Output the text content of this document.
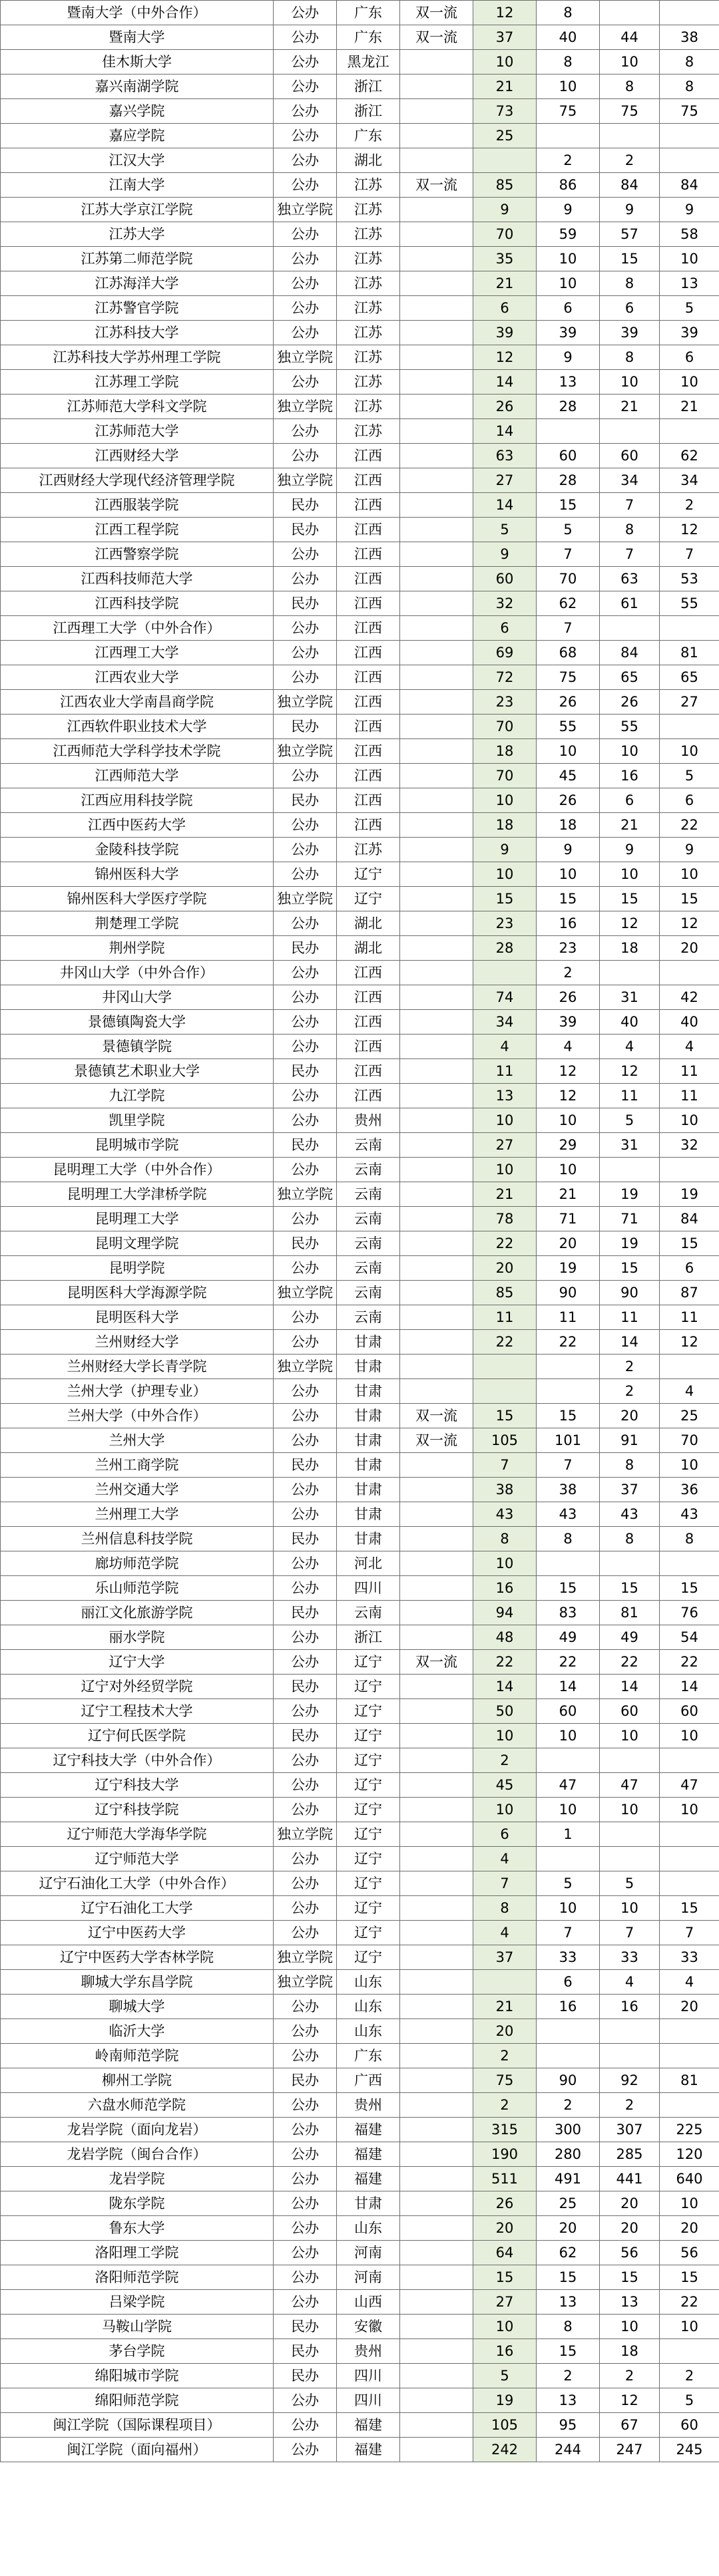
暨南大学（中外合作）	公办	广东	双一流	12	8		
暨南大学	公办	广东	双一流	37	40	44	38
佳木斯大学	公办	黑龙江		10	8	10	8
嘉兴南湖学院	公办	浙江		21	10	8	8
嘉兴学院	公办	浙江		73	75	75	75
嘉应学院	公办	广东		25			
江汉大学	公办	湖北			2	2	
江南大学	公办	江苏	双一流	85	86	84	84
江苏大学京江学院	独立学院	江苏		9	9	9	9
江苏大学	公办	江苏		70	59	57	58
江苏第二师范学院	公办	江苏		35	10	15	10
江苏海洋大学	公办	江苏		21	10	8	13
江苏警官学院	公办	江苏		6	6	6	5
江苏科技大学	公办	江苏		39	39	39	39
江苏科技大学苏州理工学院	独立学院	江苏		12	9	8	6
江苏理工学院	公办	江苏		14	13	10	10
江苏师范大学科文学院	独立学院	江苏		26	28	21	21
江苏师范大学	公办	江苏		14			
江西财经大学	公办	江西		63	60	60	62
江西财经大学现代经济管理学院	独立学院	江西		27	28	34	34
江西服装学院	民办	江西		14	15	7	2
江西工程学院	民办	江西		5	5	8	12
江西警察学院	公办	江西		9	7	7	7
江西科技师范大学	公办	江西		60	70	63	53
江西科技学院	民办	江西		32	62	61	55
江西理工大学（中外合作）	公办	江西		6	7		
江西理工大学	公办	江西		69	68	84	81
江西农业大学	公办	江西		72	75	65	65
江西农业大学南昌商学院	独立学院	江西		23	26	26	27
江西软件职业技术大学	民办	江西		70	55	55	
江西师范大学科学技术学院	独立学院	江西		18	10	10	10
江西师范大学	公办	江西		70	45	16	5
江西应用科技学院	民办	江西		10	26	6	6
江西中医药大学	公办	江西		18	18	21	22
金陵科技学院	公办	江苏		9	9	9	9
锦州医科大学	公办	辽宁		10	10	10	10
锦州医科大学医疗学院	独立学院	辽宁		15	15	15	15
荆楚理工学院	公办	湖北		23	16	12	12
荆州学院	民办	湖北		28	23	18	20
井冈山大学（中外合作）	公办	江西			2		
井冈山大学	公办	江西		74	26	31	42
景德镇陶瓷大学	公办	江西		34	39	40	40
景德镇学院	公办	江西		4	4	4	4
景德镇艺术职业大学	民办	江西		11	12	12	11
九江学院	公办	江西		13	12	11	11
凯里学院	公办	贵州		10	10	5	10
昆明城市学院	民办	云南		27	29	31	32
昆明理工大学（中外合作）	公办	云南		10	10		
昆明理工大学津桥学院	独立学院	云南		21	21	19	19
昆明理工大学	公办	云南		78	71	71	84
昆明文理学院	民办	云南		22	20	19	15
昆明学院	公办	云南		20	19	15	6
昆明医科大学海源学院	独立学院	云南		85	90	90	87
昆明医科大学	公办	云南		11	11	11	11
兰州财经大学	公办	甘肃		22	22	14	12
兰州财经大学长青学院	独立学院	甘肃				2	
兰州大学（护理专业）	公办	甘肃				2	4
兰州大学（中外合作）	公办	甘肃	双一流	15	15	20	25
兰州大学	公办	甘肃	双一流	105	101	91	70
兰州工商学院	民办	甘肃		7	7	8	10
兰州交通大学	公办	甘肃		38	38	37	36
兰州理工大学	公办	甘肃		43	43	43	43
兰州信息科技学院	民办	甘肃		8	8	8	8
廊坊师范学院	公办	河北		10			
乐山师范学院	公办	四川		16	15	15	15
丽江文化旅游学院	民办	云南		94	83	81	76
丽水学院	公办	浙江		48	49	49	54
辽宁大学	公办	辽宁	双一流	22	22	22	22
辽宁对外经贸学院	民办	辽宁		14	14	14	14
辽宁工程技术大学	公办	辽宁		50	60	60	60
辽宁何氏医学院	民办	辽宁		10	10	10	10
辽宁科技大学（中外合作）	公办	辽宁		2			
辽宁科技大学	公办	辽宁		45	47	47	47
辽宁科技学院	公办	辽宁		10	10	10	10
辽宁师范大学海华学院	独立学院	辽宁		6	1		
辽宁师范大学	公办	辽宁		4			
辽宁石油化工大学（中外合作）	公办	辽宁		7	5	5	
辽宁石油化工大学	公办	辽宁		8	10	10	15
辽宁中医药大学	公办	辽宁		4	7	7	7
辽宁中医药大学杏林学院	独立学院	辽宁		37	33	33	33
聊城大学东昌学院	独立学院	山东			6	4	4
聊城大学	公办	山东		21	16	16	20
临沂大学	公办	山东		20			
岭南师范学院	公办	广东		2			
柳州工学院	民办	广西		75	90	92	81
六盘水师范学院	公办	贵州		2	2	2	
龙岩学院（面向龙岩）	公办	福建		315	300	307	225
龙岩学院（闽台合作）	公办	福建		190	280	285	120
龙岩学院	公办	福建		511	491	441	640
陇东学院	公办	甘肃		26	25	20	10
鲁东大学	公办	山东		20	20	20	20
洛阳理工学院	公办	河南		64	62	56	56
洛阳师范学院	公办	河南		15	15	15	15
吕梁学院	公办	山西		27	13	13	22
马鞍山学院	民办	安徽		10	8	10	10
茅台学院	民办	贵州		16	15	18	
绵阳城市学院	民办	四川		5	2	2	2
绵阳师范学院	公办	四川		19	13	12	5
闽江学院（国际课程项目）	公办	福建		105	95	67	60
闽江学院（面向福州）	公办	福建		242	244	247	245
